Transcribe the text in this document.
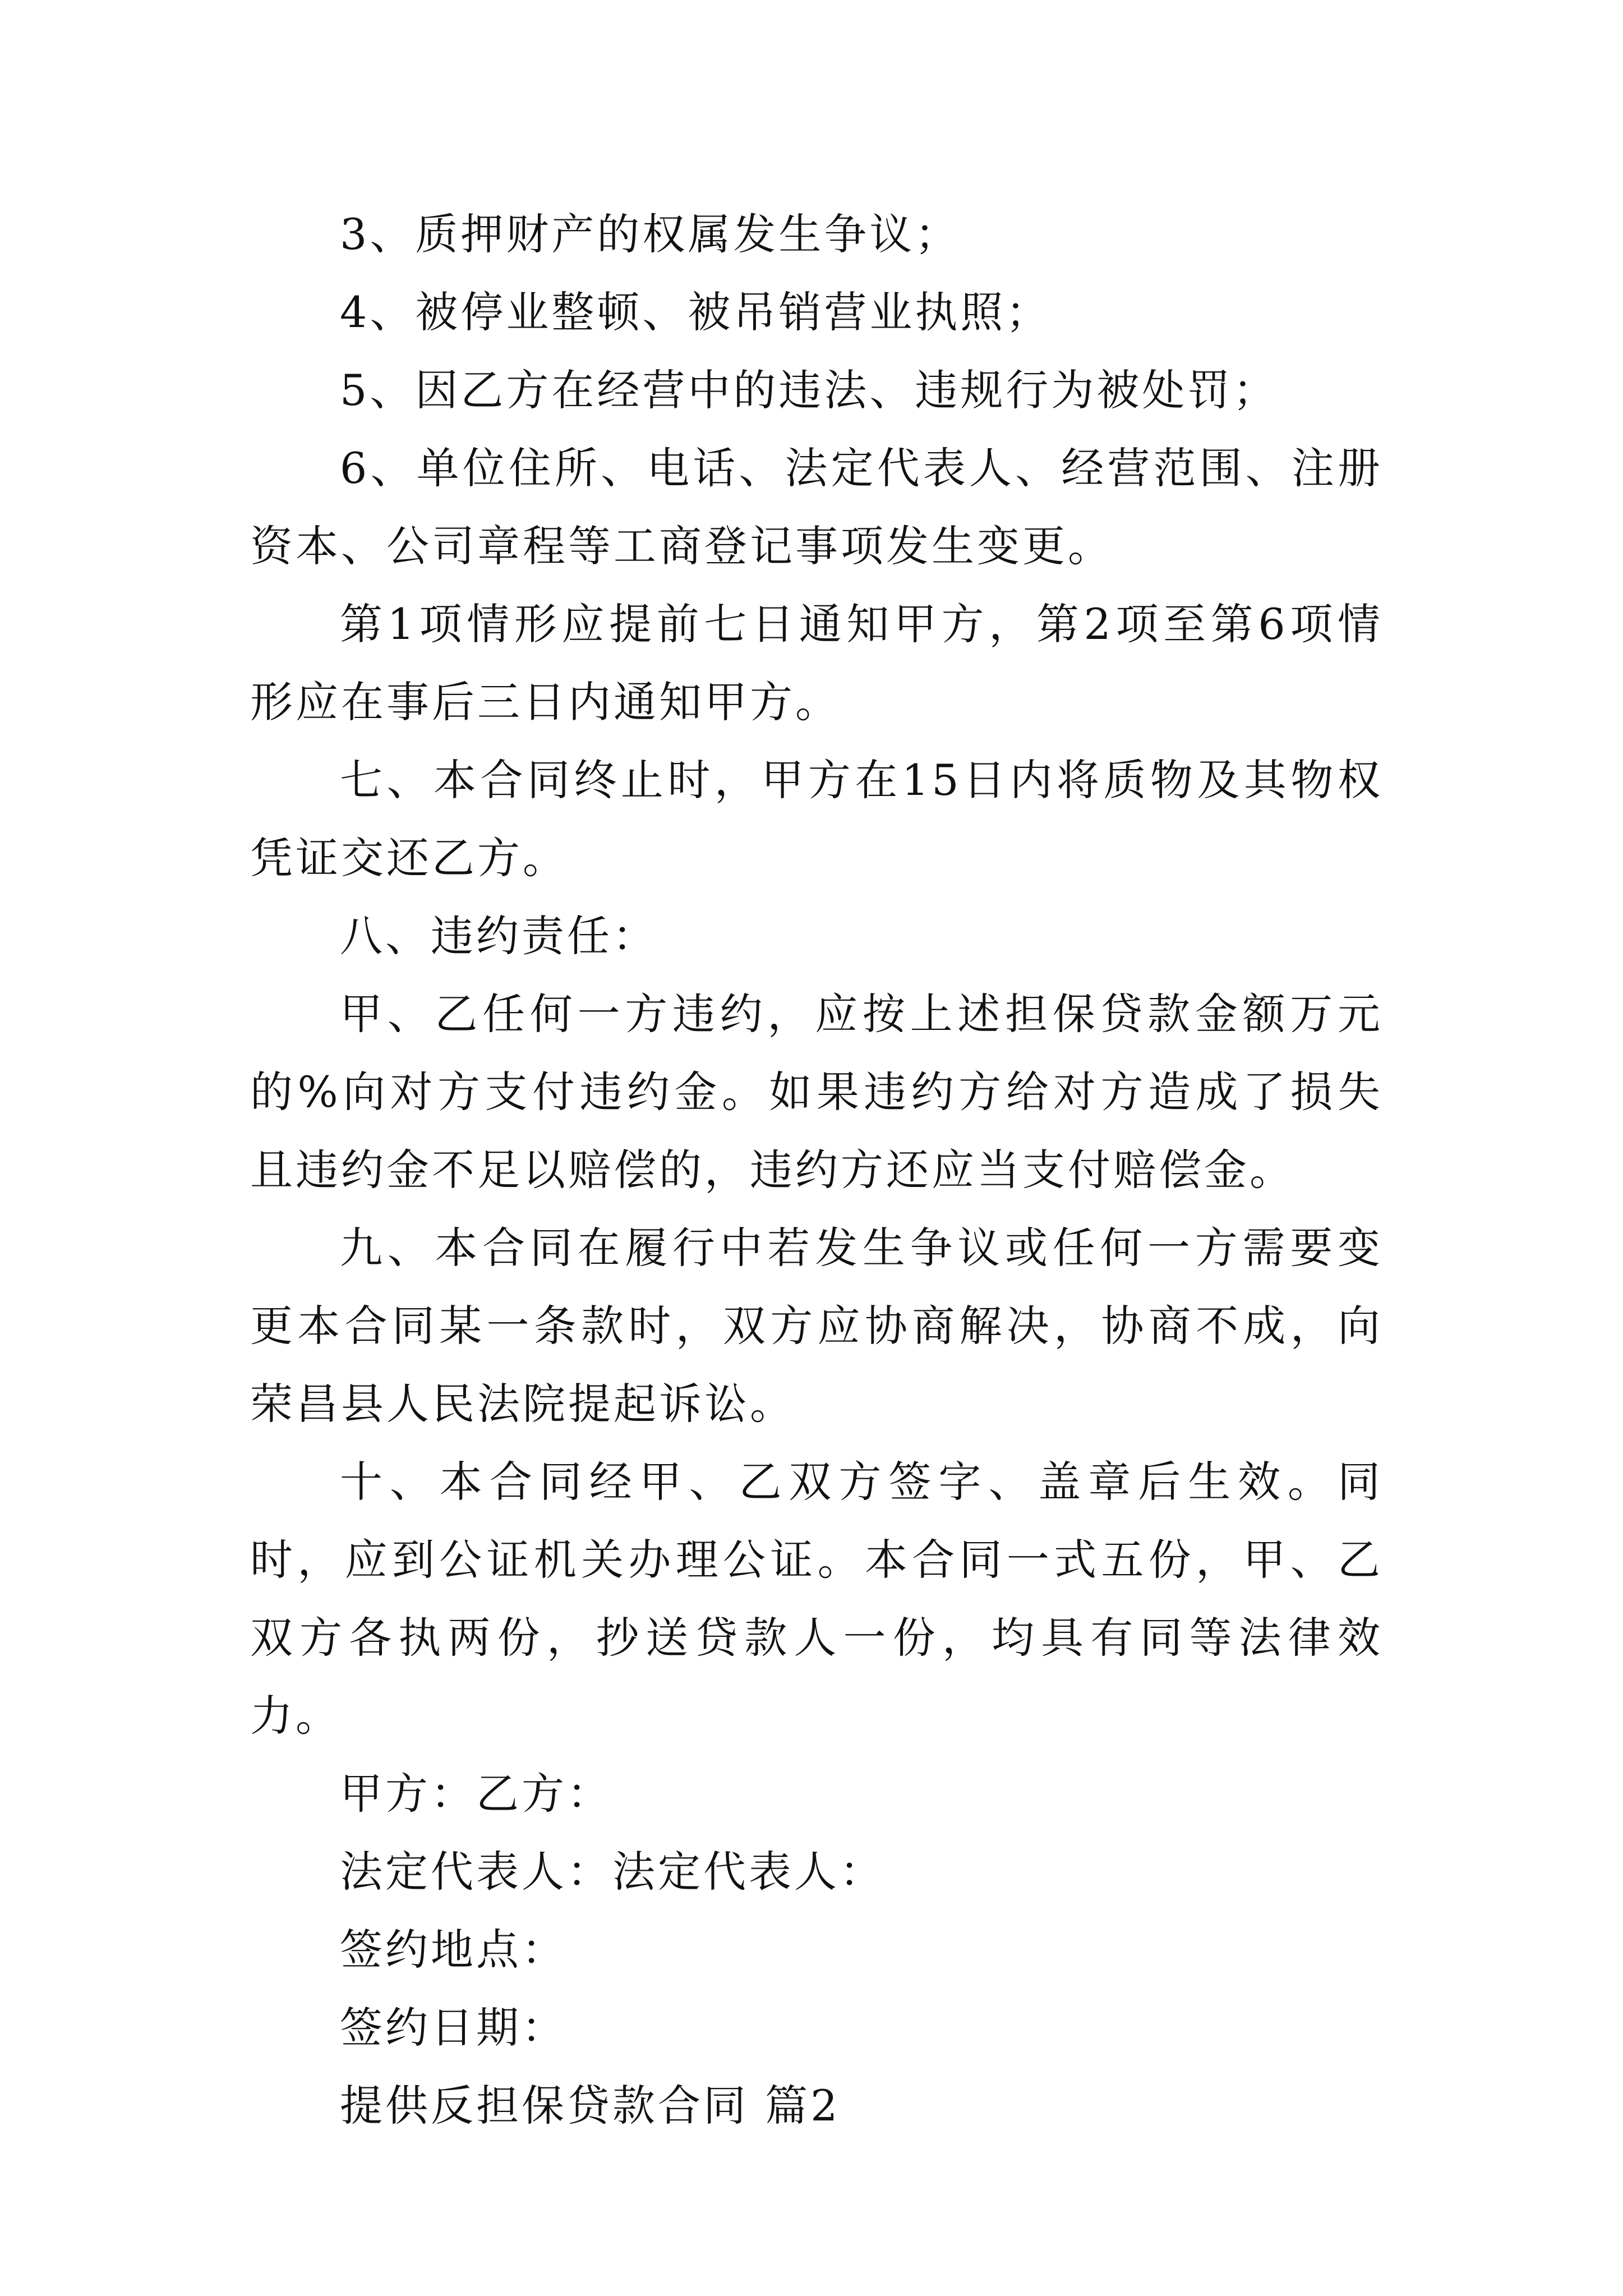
3、质押财产的权属发生争议；

4、被停业整顿、被吊销营业执照；

5、因乙方在经营中的违法、违规行为被处罚；

6、单位住所、电话、法定代表人、经营范围、注册资本、公司章程等工商登记事项发生变更。

第1项情形应提前七日通知甲方，第2项至第6项情形应在事后三日内通知甲方。

七、本合同终止时，甲方在15日内将质物及其物权凭证交还乙方。

八、违约责任：

甲、乙任何一方违约，应按上述担保贷款金额万元的%向对方支付违约金。如果违约方给对方造成了损失且违约金不足以赔偿的，违约方还应当支付赔偿金。

九、本合同在履行中若发生争议或任何一方需要变更本合同某一条款时，双方应协商解决，协商不成，向荣昌县人民法院提起诉讼。

十、本合同经甲、乙双方签字、盖章后生效。同时，应到公证机关办理公证。本合同一式五份，甲、乙双方各执两份，抄送贷款人一份，均具有同等法律效力。

甲方：乙方：

法定代表人：法定代表人：

签约地点：

签约日期：

提供反担保贷款合同 篇2
